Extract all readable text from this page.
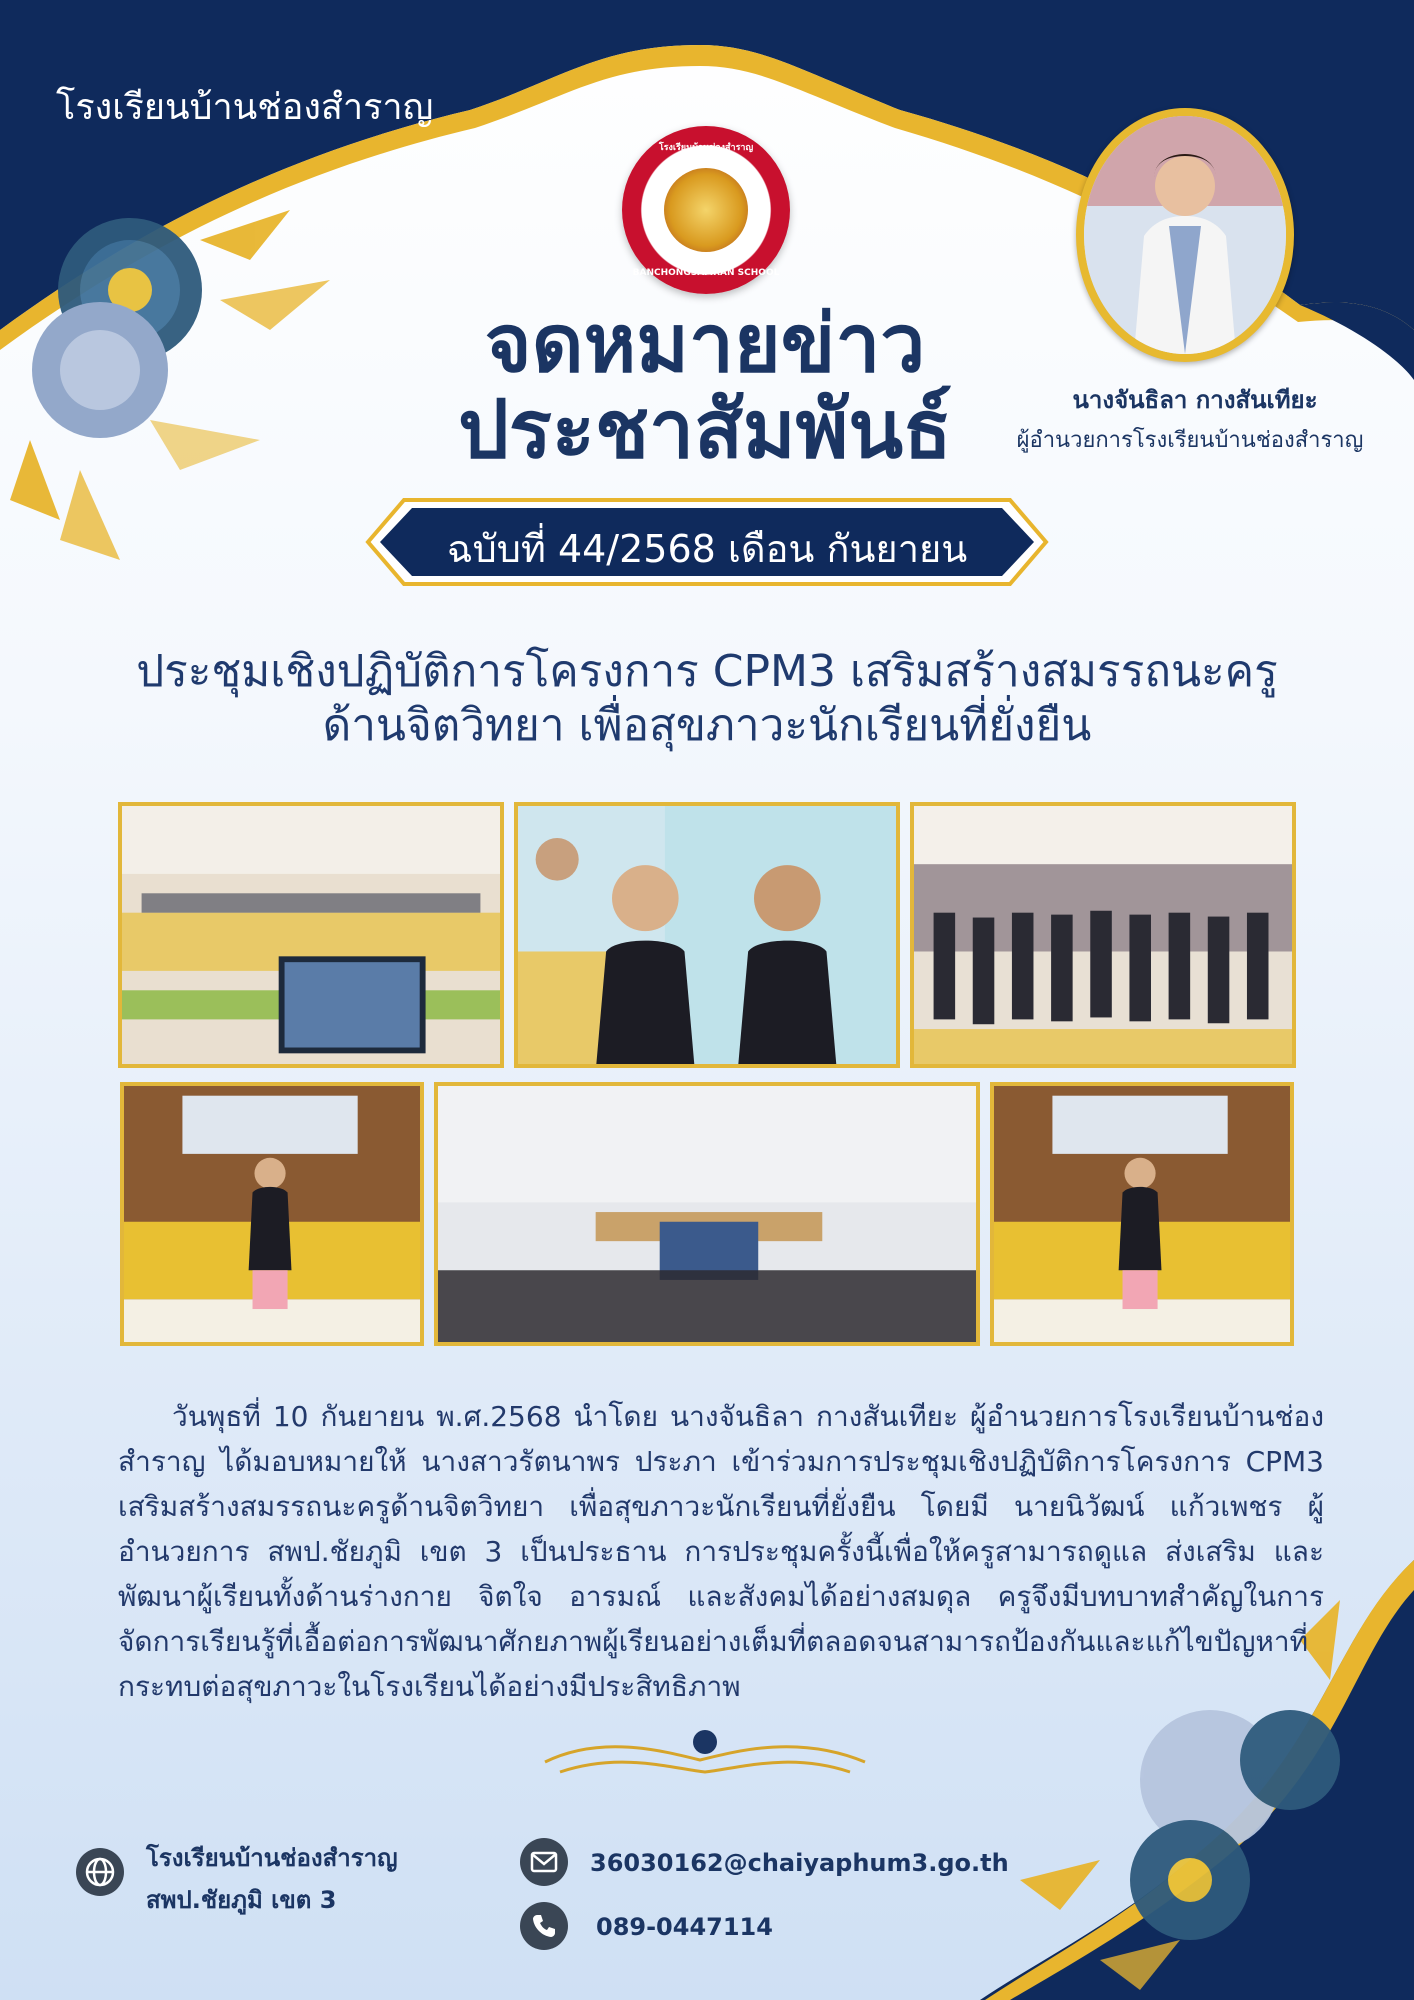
โรงเรียนบ้านช่องสำราญ
โรงเรียนบ้านช่องสำราญ
BANCHONGSAMRAN SCHOOL
จดหมายข่าว
ประชาสัมพันธ์	นางจันธิลา กางสันเทียะ
ผู้อำนวยการโรงเรียนบ้านช่องสำราญ
ฉบับที่ 44/2568 เดือน กันยายน
ประชุมเชิงปฏิบัติการโครงการ CPM3 เสริมสร้างสมรรถนะครู
ด้านจิตวิทยา เพื่อสุขภาวะนักเรียนที่ยั่งยืน
วันพุธที่ 10 กันยายน พ.ศ.2568 นำโดย นางจันธิลา กางสันเทียะ ผู้อำนวยการโรงเรียนบ้านช่องสำราญ ได้มอบหมายให้ นางสาวรัตนาพร ประภา เข้าร่วมการประชุมเชิงปฏิบัติการโครงการ CPM3 เสริมสร้างสมรรถนะครูด้านจิตวิทยา เพื่อสุขภาวะนักเรียนที่ยั่งยืน โดยมี นายนิวัฒน์ แก้วเพชร ผู้อำนวยการ สพป.ชัยภูมิ เขต 3 เป็นประธาน การประชุมครั้งนี้เพื่อให้ครูสามารถดูแล ส่งเสริม และพัฒนาผู้เรียนทั้งด้านร่างกาย จิตใจ อารมณ์ และสังคมได้อย่างสมดุล ครูจึงมีบทบาทสำคัญในการจัดการเรียนรู้ที่เอื้อต่อการพัฒนาศักยภาพผู้เรียนอย่างเต็มที่ตลอดจนสามารถป้องกันและแก้ไขปัญหาที่กระทบต่อสุขภาวะในโรงเรียนได้อย่างมีประสิทธิภาพ
โรงเรียนบ้านช่องสำราญ
สพป.ชัยภูมิ เขต 3
36030162@chaiyaphum3.go.th
089-0447114
